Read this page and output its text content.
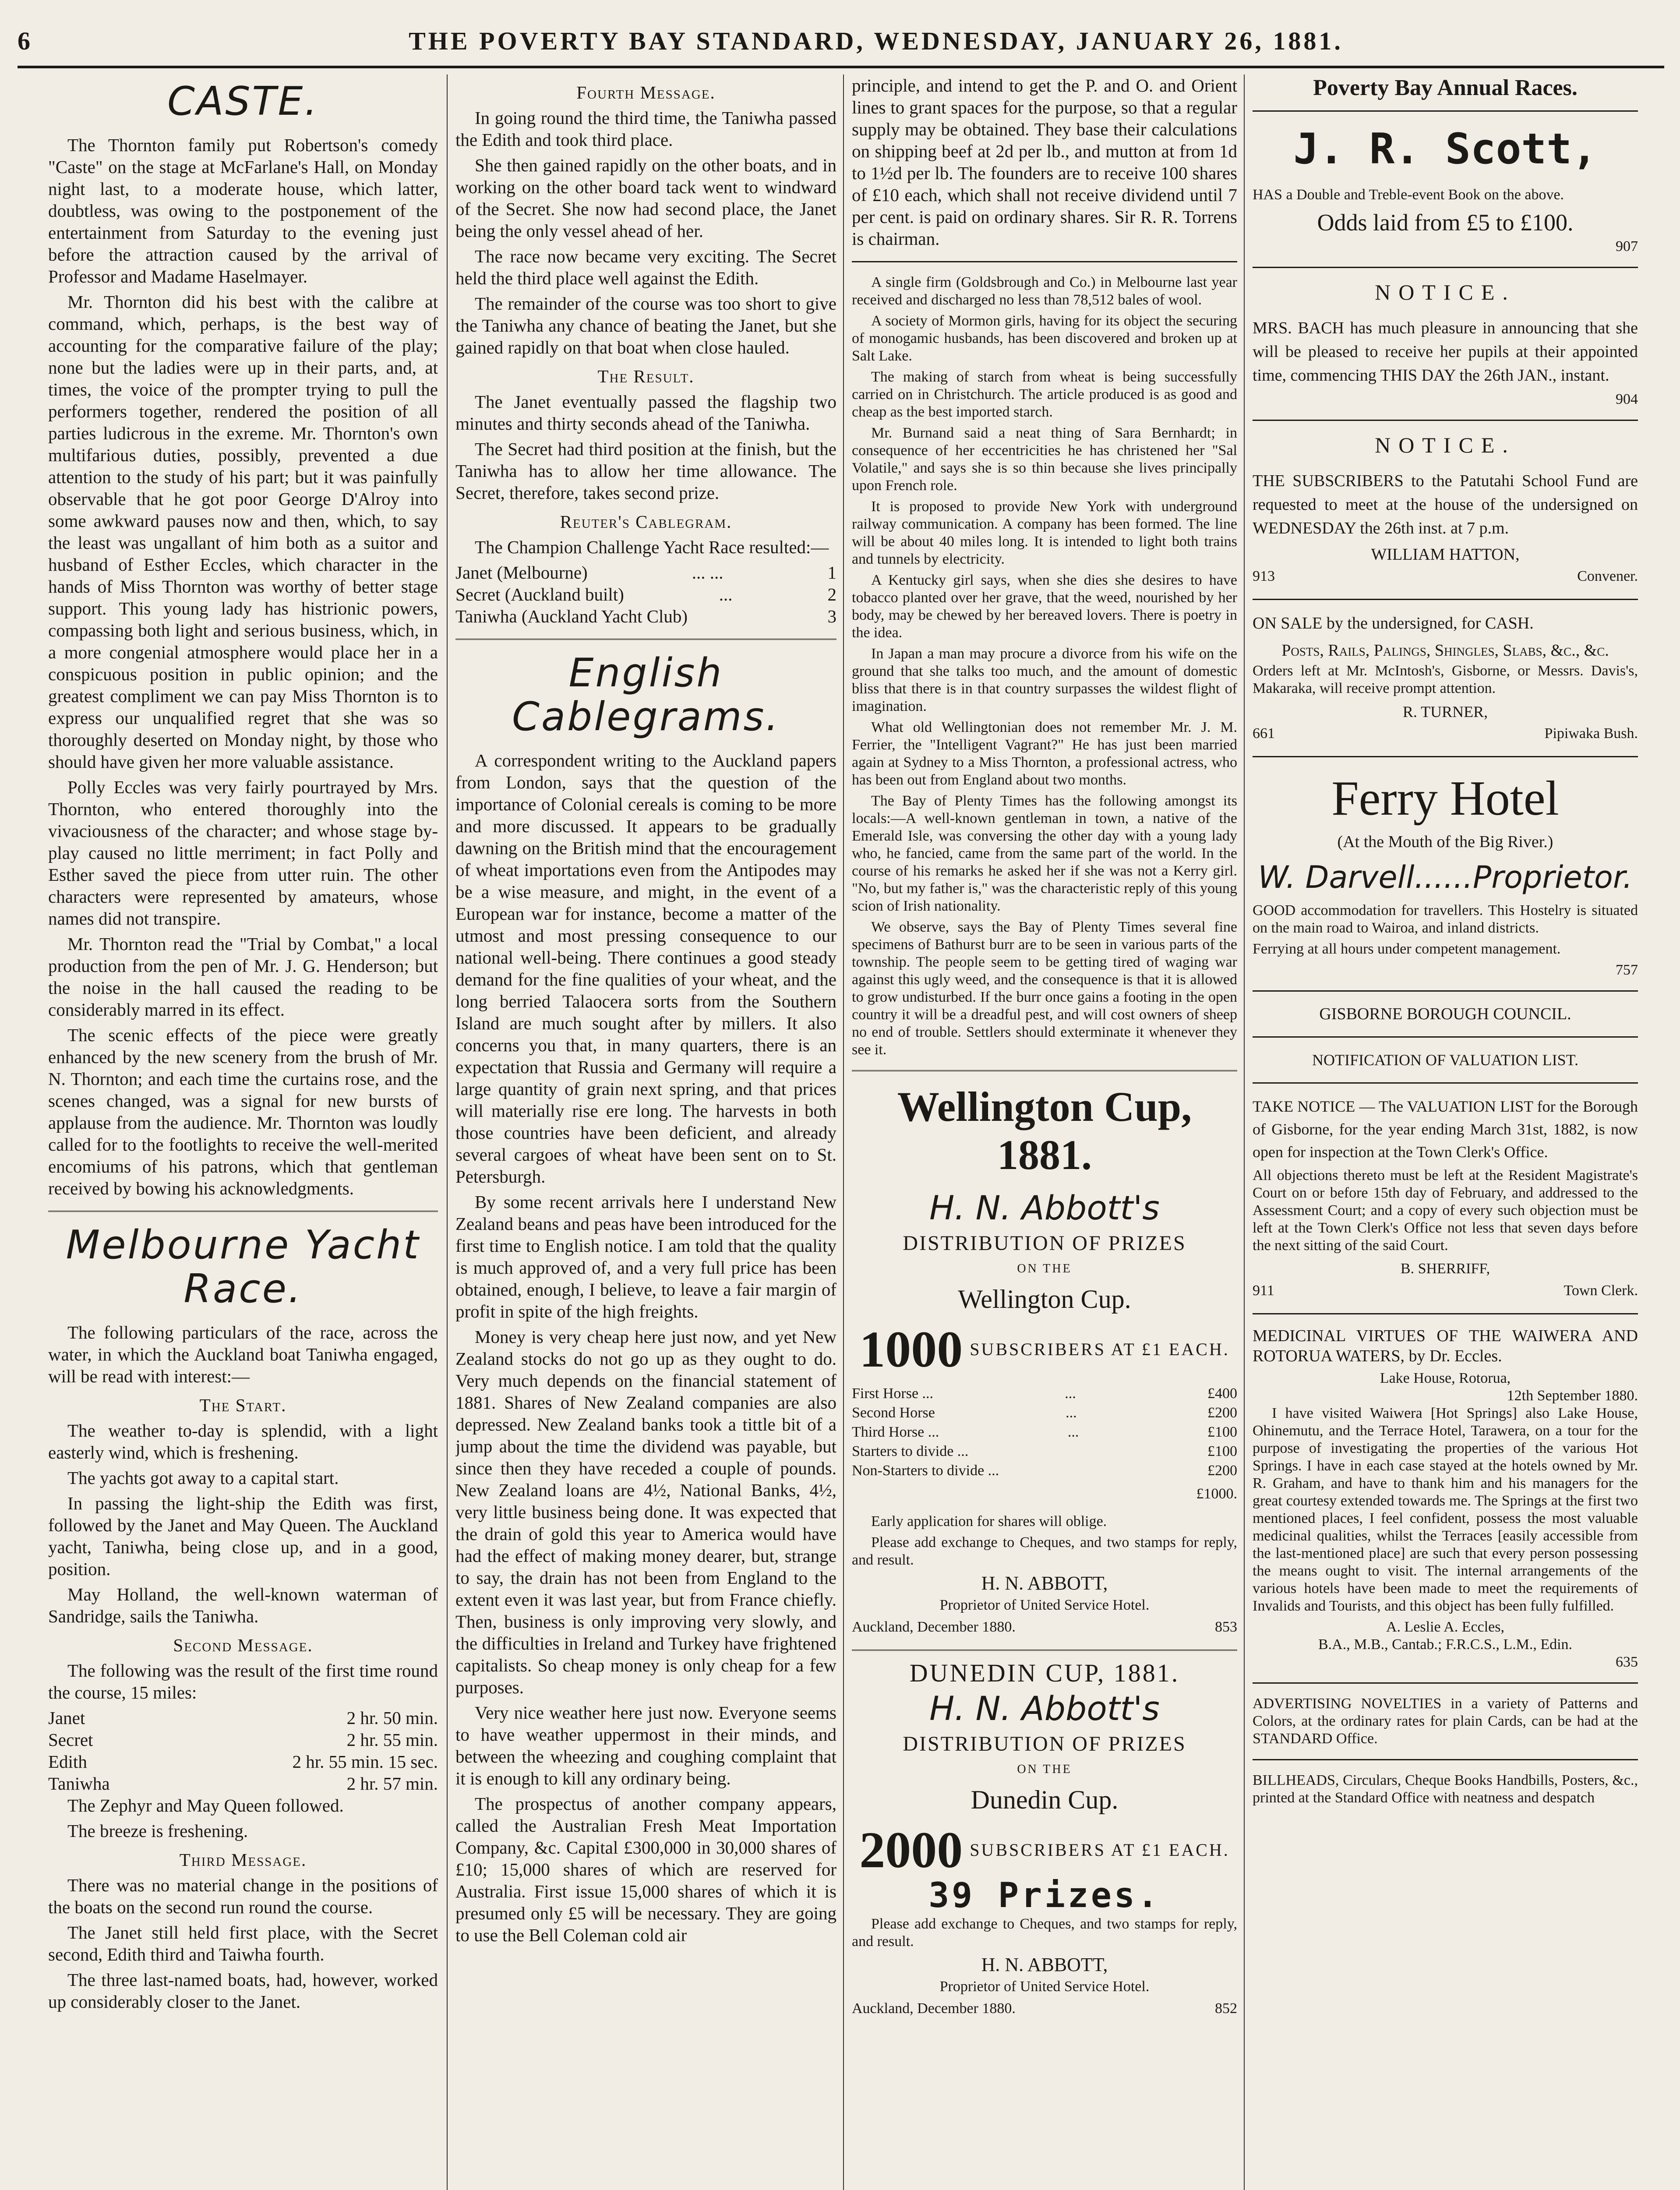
6	THE POVERTY BAY STANDARD, WEDNESDAY, JANUARY 26, 1881.
CASTE.

The Thornton family put Robertson's comedy "Caste" on the stage at McFarlane's Hall, on Monday night last, to a moderate house, which latter, doubtless, was owing to the postponement of the entertainment from Saturday to the evening just before the attraction caused by the arrival of Professor and Madame Haselmayer.

Mr. Thornton did his best with the calibre at command, which, perhaps, is the best way of accounting for the comparative failure of the play; none but the ladies were up in their parts, and, at times, the voice of the prompter trying to pull the performers together, rendered the position of all parties ludicrous in the exreme. Mr. Thornton's own multifarious duties, possibly, prevented a due attention to the study of his part; but it was painfully observable that he got poor George D'Alroy into some awkward pauses now and then, which, to say the least was ungallant of him both as a suitor and husband of Esther Eccles, which character in the hands of Miss Thornton was worthy of better stage support. This young lady has histrionic powers, compassing both light and serious business, which, in a more congenial atmosphere would place her in a conspicuous position in public opinion; and the greatest compliment we can pay Miss Thornton is to express our unqualified regret that she was so thoroughly deserted on Monday night, by those who should have given her more valuable assistance.

Polly Eccles was very fairly pourtrayed by Mrs. Thornton, who entered thoroughly into the vivaciousness of the character; and whose stage by-play caused no little merriment; in fact Polly and Esther saved the piece from utter ruin. The other characters were represented by amateurs, whose names did not transpire.

Mr. Thornton read the "Trial by Combat," a local production from the pen of Mr. J. G. Henderson; but the noise in the hall caused the reading to be considerably marred in its effect.

The scenic effects of the piece were greatly enhanced by the new scenery from the brush of Mr. N. Thornton; and each time the curtains rose, and the scenes changed, was a signal for new bursts of applause from the audience. Mr. Thornton was loudly called for to the footlights to receive the well-merited encomiums of his patrons, which that gentleman received by bowing his acknowledgments.

Melbourne Yacht Race.

The following particulars of the race, across the water, in which the Auckland boat Taniwha engaged, will be read with interest:—

The Start.

The weather to-day is splendid, with a light easterly wind, which is freshening.

The yachts got away to a capital start.

In passing the light-ship the Edith was first, followed by the Janet and May Queen. The Auckland yacht, Taniwha, being close up, and in a good, position.

May Holland, the well-known waterman of Sandridge, sails the Taniwha.

Second Message.

The following was the result of the first time round the course, 15 miles:

Janet	2 hr. 50 min.
Secret	2 hr. 55 min.
Edith	2 hr. 55 min. 15 sec.
Taniwha	2 hr. 57 min.

The Zephyr and May Queen followed.

The breeze is freshening.

Third Message.

There was no material change in the positions of the boats on the second run round the course.

The Janet still held first place, with the Secret second, Edith third and Taiwha fourth.

The three last-named boats, had, however, worked up considerably closer to the Janet.

Fourth Message.

In going round the third time, the Taniwha passed the Edith and took third place.

She then gained rapidly on the other boats, and in working on the other board tack went to windward of the Secret. She now had second place, the Janet being the only vessel ahead of her.

The race now became very exciting. The Secret held the third place well against the Edith.

The remainder of the course was too short to give the Taniwha any chance of beating the Janet, but she gained rapidly on that boat when close hauled.

The Result.

The Janet eventually passed the flagship two minutes and thirty seconds ahead of the Taniwha.

The Secret had third position at the finish, but the Taniwha has to allow her time allowance. The Secret, therefore, takes second prize.

Reuter's Cablegram.

The Champion Challenge Yacht Race resulted:—

Janet (Melbourne)	... ...	1
Secret (Auckland built)	...	2
Taniwha (Auckland Yacht Club)	3
English Cablegrams.

A correspondent writing to the Auckland papers from London, says that the question of the importance of Colonial cereals is coming to be more and more discussed. It appears to be gradually dawning on the British mind that the encouragement of wheat importations even from the Antipodes may be a wise measure, and might, in the event of a European war for instance, become a matter of the utmost and most pressing consequence to our national well-being. There continues a good steady demand for the fine qualities of your wheat, and the long berried Talaocera sorts from the Southern Island are much sought after by millers. It also concerns you that, in many quarters, there is an expectation that Russia and Germany will require a large quantity of grain next spring, and that prices will materially rise ere long. The harvests in both those countries have been deficient, and already several cargoes of wheat have been sent on to St. Petersburgh.

By some recent arrivals here I understand New Zealand beans and peas have been introduced for the first time to English notice. I am told that the quality is much approved of, and a very full price has been obtained, enough, I believe, to leave a fair margin of profit in spite of the high freights.

Money is very cheap here just now, and yet New Zealand stocks do not go up as they ought to do. Very much depends on the financial statement of 1881. Shares of New Zealand companies are also depressed. New Zealand banks took a tittle bit of a jump about the time the dividend was payable, but since then they have receded a couple of pounds. New Zealand loans are 4½, National Banks, 4½, very little business being done. It was expected that the drain of gold this year to America would have had the effect of making money dearer, but, strange to say, the drain has not been from England to the extent even it was last year, but from France chiefly. Then, business is only improving very slowly, and the difficulties in Ireland and Turkey have frightened capitalists. So cheap money is only cheap for a few purposes.

Very nice weather here just now. Everyone seems to have weather uppermost in their minds, and between the wheezing and coughing complaint that it is enough to kill any ordinary being.

The prospectus of another company appears, called the Australian Fresh Meat Importation Company, &c. Capital £300,000 in 30,000 shares of £10; 15,000 shares of which are reserved for Australia. First issue 15,000 shares of which it is presumed only £5 will be necessary. They are going to use the Bell Coleman cold air

principle, and intend to get the P. and O. and Orient lines to grant spaces for the purpose, so that a regular supply may be obtained. They base their calculations on shipping beef at 2d per lb., and mutton at from 1d to 1½d per lb. The founders are to receive 100 shares of £10 each, which shall not receive dividend until 7 per cent. is paid on ordinary shares. Sir R. R. Torrens is chairman.

A single firm (Goldsbrough and Co.) in Melbourne last year received and discharged no less than 78,512 bales of wool.

A society of Mormon girls, having for its object the securing of monogamic husbands, has been discovered and broken up at Salt Lake.

The making of starch from wheat is being successfully carried on in Christchurch. The article produced is as good and cheap as the best imported starch.

Mr. Burnand said a neat thing of Sara Bernhardt; in consequence of her eccentricities he has christened her "Sal Volatile," and says she is so thin because she lives principally upon French role.

It is proposed to provide New York with underground railway communication. A company has been formed. The line will be about 40 miles long. It is intended to light both trains and tunnels by electricity.

A Kentucky girl says, when she dies she desires to have tobacco planted over her grave, that the weed, nourished by her body, may be chewed by her bereaved lovers. There is poetry in the idea.

In Japan a man may procure a divorce from his wife on the ground that she talks too much, and the amount of domestic bliss that there is in that country surpasses the wildest flight of imagination.

What old Wellingtonian does not remember Mr. J. M. Ferrier, the "Intelligent Vagrant?" He has just been married again at Sydney to a Miss Thornton, a professional actress, who has been out from England about two months.

The Bay of Plenty Times has the following amongst its locals:—A well-known gentleman in town, a native of the Emerald Isle, was conversing the other day with a young lady who, he fancied, came from the same part of the world. In the course of his remarks he asked her if she was not a Kerry girl. "No, but my father is," was the characteristic reply of this young scion of Irish nationality.

We observe, says the Bay of Plenty Times several fine specimens of Bathurst burr are to be seen in various parts of the township. The people seem to be getting tired of waging war against this ugly weed, and the consequence is that it is allowed to grow undisturbed. If the burr once gains a footing in the open country it will be a dreadful pest, and will cost owners of sheep no end of trouble. Settlers should exterminate it whenever they see it.

Wellington Cup, 1881.
H. N. Abbott's
DISTRIBUTION OF PRIZES
ON THE
Wellington Cup.
1000 SUBSCRIBERS AT £1 EACH.
First Horse ...	...	£400
Second Horse	...	£200
Third Horse ...	...	£100
Starters to divide ...	£100
Non-Starters to divide ...	£200
£1000.

Early application for shares will oblige.

Please add exchange to Cheques, and two stamps for reply, and result.

H. N. ABBOTT,
Proprietor of United Service Hotel.
Auckland, December 1880.	853
DUNEDIN CUP, 1881.
H. N. Abbott's
DISTRIBUTION OF PRIZES
ON THE
Dunedin Cup.
2000 SUBSCRIBERS AT £1 EACH.
39 Prizes.

Please add exchange to Cheques, and two stamps for reply, and result.

H. N. ABBOTT,
Proprietor of United Service Hotel.
Auckland, December 1880.	852
Poverty Bay Annual Races.
J. R. Scott,

HAS a Double and Treble-event Book on the above.

Odds laid from £5 to £100.
907
NOTICE.

MRS. BACH has much pleasure in announcing that she will be pleased to receive her pupils at their appointed time, commencing THIS DAY the 26th JAN., instant.

904
NOTICE.

THE SUBSCRIBERS to the Patutahi School Fund are requested to meet at the house of the undersigned on WEDNESDAY the 26th inst. at 7 p.m.

WILLIAM HATTON,
913	Convener.

ON SALE by the undersigned, for CASH.

Posts, Rails, Palings, Shingles, Slabs, &c., &c.

Orders left at Mr. McIntosh's, Gisborne, or Messrs. Davis's, Makaraka, will receive prompt attention.

R. TURNER,
661	Pipiwaka Bush.
Ferry Hotel
(At the Mouth of the Big River.)
W. Darvell......Proprietor.

GOOD accommodation for travellers. This Hostelry is situated on the main road to Wairoa, and inland districts.

Ferrying at all hours under competent management.

757
GISBORNE BOROUGH COUNCIL.
NOTIFICATION OF VALUATION LIST.

TAKE NOTICE — The VALUATION LIST for the Borough of Gisborne, for the year ending March 31st, 1882, is now open for inspection at the Town Clerk's Office.

All objections thereto must be left at the Resident Magistrate's Court on or before 15th day of February, and addressed to the Assessment Court; and a copy of every such objection must be left at the Town Clerk's Office not less that seven days before the next sitting of the said Court.

B. SHERRIFF,
911	Town Clerk.

MEDICINAL VIRTUES OF THE WAIWERA AND ROTORUA WATERS, by Dr. Eccles.

Lake House, Rotorua,
12th September 1880.

I have visited Waiwera [Hot Springs] also Lake House, Ohinemutu, and the Terrace Hotel, Tarawera, on a tour for the purpose of investigating the properties of the various Hot Springs. I have in each case stayed at the hotels owned by Mr. R. Graham, and have to thank him and his managers for the great courtesy extended towards me. The Springs at the first two mentioned places, I feel confident, possess the most valuable medicinal qualities, whilst the Terraces [easily accessible from the last-mentioned place] are such that every person possessing the means ought to visit. The internal arrangements of the various hotels have been made to meet the requirements of Invalids and Tourists, and this object has been fully fulfilled.

A. Leslie A. Eccles,
B.A., M.B., Cantab.; F.R.C.S., L.M., Edin.
635

ADVERTISING NOVELTIES in a variety of Patterns and Colors, at the ordinary rates for plain Cards, can be had at the STANDARD Office.

BILLHEADS, Circulars, Cheque Books Handbills, Posters, &c., printed at the Standard Office with neatness and despatch
